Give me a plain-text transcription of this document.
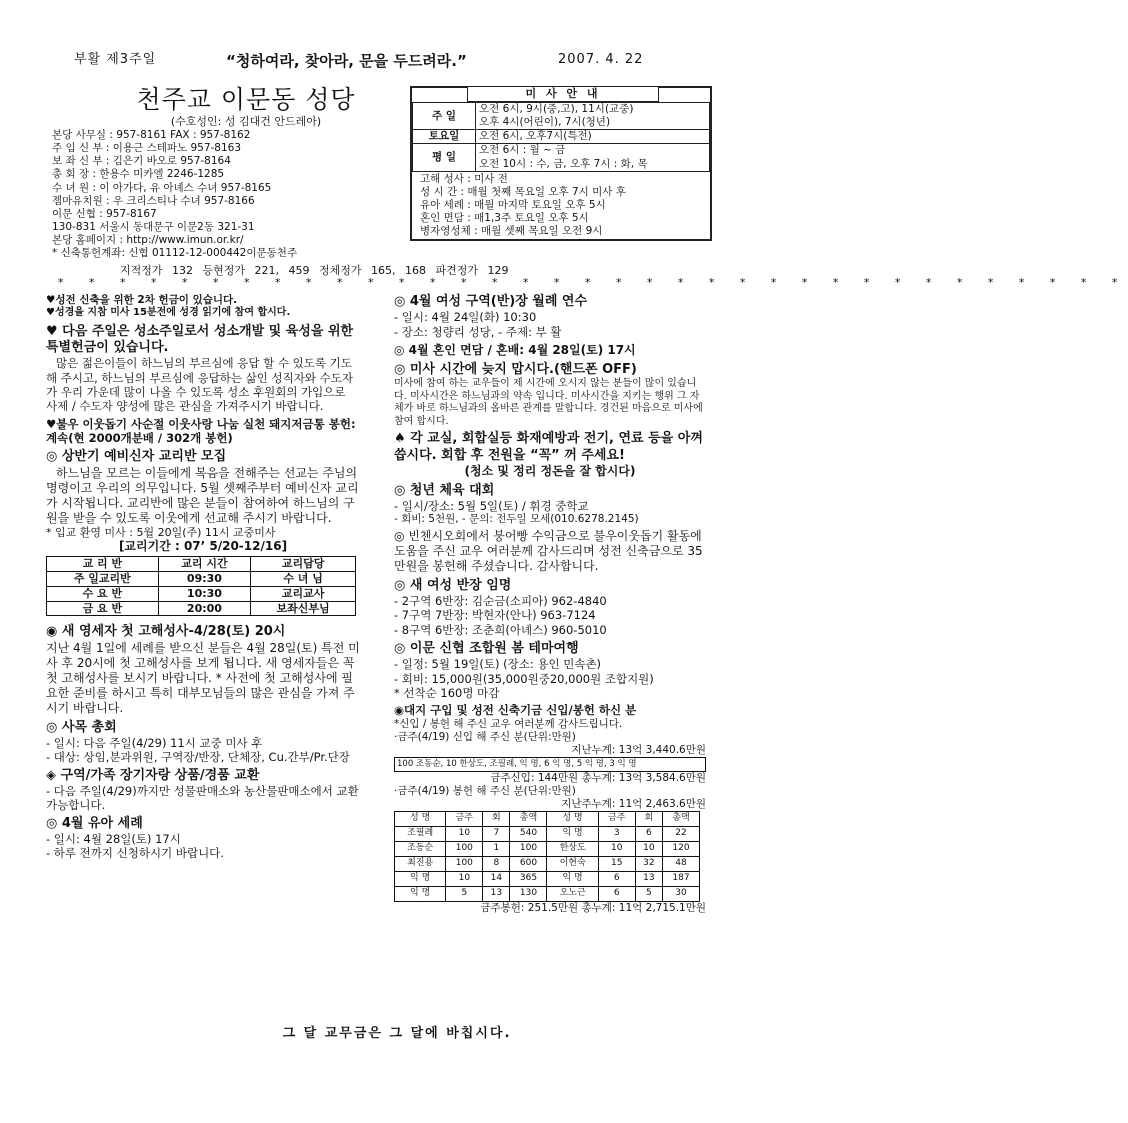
부활 제3주일	“청하여라, 찾아라, 문을 두드려라.”	2007. 4. 22
천주교 이문동 성당
(수호성인: 성 김대건 안드레아)
본당 사무실 : 957-8161 FAX : 957-8162
주 임 신 부 : 이용근 스테파노 957-8163
보 좌 신 부 : 김은기 바오로 957-8164
총 회 장 : 한용수 미카엘 2246-1285
수 녀 원 : 이 아가다, 유 아녜스 수녀 957-8165
젬마유치원 : 우 크리스티나 수녀 957-8166
이문 신협 : 957-8167
130-831 서울시 동대문구 이문2동 321-31
본당 홈페이지 : http://www.imun.or.kr/
* 신축통헌계좌: 신협 01112-12-000442이문동천주
미 사 안 내
주 일	오전 6시, 9시(중,고), 11시(교중)
오후 4시(어린이), 7시(청년)

토요일	오전 6시, 오후7시(특전)
평 일	오전 6시 : 월 ~ 금
오전 10시 : 수, 금, 오후 7시 : 화, 목
고해 성사 : 미사 전
성 시 간 : 매월 첫째 목요일 오후 7시 미사 후
유아 세례 : 매월 마지막 토요일 오후 5시
혼인 면담 : 매1,3주 토요일 오후 5시
병자영성체 : 매월 셋째 목요일 오전 9시
지적정가 132 등현정가 221, 459 정체정가 165, 168 파견정가 129
* * * * * * * * * * * * * * * * * * * * * * * * * * * * * * * * * * *
♥성전 신축을 위한 2차 헌금이 있습니다.
♥성경을 지참 미사 15분전에 성경 읽기에 참여 합시다.
♥ 다음 주일은 성소주일로서 성소개발 및 육성을 위한 특별헌금이 있습니다.
많은 젊은이들이 하느님의 부르심에 응답 할 수 있도록 기도해 주시고, 하느님의 부르심에 응답하는 삶인 성직자와 수도자가 우리 가운데 많이 나올 수 있도록 성소 후원회의 가입으로 사제 / 수도자 양성에 많은 관심을 가져주시기 바랍니다.
♥불우 이웃돕기 사순절 이웃사랑 나눔 실천 돼지저금통 봉헌: 계속(현 2000개분배 / 302개 봉헌)
◎ 상반기 예비신자 교리반 모집
하느님을 모르는 이들에게 복음을 전해주는 선교는 주님의 명령이고 우리의 의무입니다. 5월 셋째주부터 예비신자 교리가 시작됩니다. 교리반에 많은 분들이 참여하여 하느님의 구원을 받을 수 있도록 이웃에게 선교해 주시기 바랍니다.
* 입교 환영 미사 : 5월 20일(주) 11시 교중미사
[교리기간 : 07’ 5/20-12/16]
교 리 반	교리 시간	교리담당
주 일교리반	09:30	수 녀 님
수 요 반	10:30	교리교사
금 요 반	20:00	보좌신부님
◉ 새 영세자 첫 고해성사-4/28(토) 20시
지난 4월 1일에 세례를 받으신 분들은 4월 28일(토) 특전 미사 후 20시에 첫 고해성사를 보게 됩니다. 새 영세자들은 꼭 첫 고해성사를 보시기 바랍니다. * 사전에 첫 고해성사에 필요한 준비를 하시고 특히 대부모님들의 많은 관심을 가져 주시기 바랍니다.
◎ 사목 총회
- 일시: 다음 주일(4/29) 11시 교중 미사 후
- 대상: 상임,분과위원, 구역장/반장, 단체장, Cu.간부/Pr.단장
◈ 구역/가족 장기자랑 상품/경품 교환
- 다음 주일(4/29)까지만 성물판매소와 농산물판매소에서 교환 가능합니다.
◎ 4월 유아 세례
- 일시: 4월 28일(토) 17시
- 하루 전까지 신청하시기 바랍니다.
◎ 4월 여성 구역(반)장 월례 연수
- 일시: 4월 24일(화) 10:30
- 장소: 청량리 성당, - 주제: 부 활
◎ 4월 혼인 면담 / 혼배: 4월 28일(토) 17시
◎ 미사 시간에 늦지 맙시다.(핸드폰 OFF)
미사에 참여 하는 교우들이 제 시간에 오시지 않는 분들이 많이 있습니다. 미사시간은 하느님과의 약속 입니다. 미사시간을 지키는 행위 그 자체가 바로 하느님과의 올바른 관계를 말합니다. 경건된 마음으로 미사에 참여 합시다.
♠ 각 교실, 회합실등 화재예방과 전기, 연료 등을 아껴 씁시다. 회합 후 전원을 “꼭” 꺼 주세요!
(청소 및 정리 정돈을 잘 합시다)
◎ 청년 체육 대회
- 일시/장소: 5월 5일(토) / 휘경 중학교
- 회비: 5천원, - 문의: 전두일 모세(010.6278.2145)
◎ 빈첸시오회에서 붕어빵 수익금으로 불우이웃돕기 활동에 도움을 주신 교우 여러분께 감사드리며 성전 신축금으로 35만원을 봉헌해 주셨습니다. 감사합니다.
◎ 새 여성 반장 임명
- 2구역 6반장: 김순금(소피아) 962-4840
- 7구역 7반장: 박현자(안나) 963-7124
- 8구역 6반장: 조춘희(아녜스) 960-5010
◎ 이문 신협 조합원 봄 테마여행
- 일정: 5월 19일(토) (장소: 용인 민속촌)
- 회비: 15,000원(35,000원중20,000원 조합지원)
* 선착순 160명 마감
◉대지 구입 및 성전 신축기금 신입/봉헌 하신 분
*신입 / 봉헌 해 주신 교우 여러분께 감사드립니다.
·금주(4/19) 신입 해 주신 분(단위:만원)
지난누계: 13억 3,440.6만원
100 조동순, 10 한상도, 조필례, 익 명, 6 익 명, 5 익 명, 3 익 명
금주신입: 144만원 총누계: 13억 3,584.6만원
·금주(4/19) 봉헌 해 주신 분(단위:만원)
지난주누계: 11억 2,463.6만원
성 명	금주	회	총액	성 명	금주	회	총액
조필례	10	7	540	익 명	3	6	22
조동순	100	1	100	한상도	10	10	120
최진용	100	8	600	이현숙	15	32	48
익 명	10	14	365	익 명	6	13	187
익 명	5	13	130	오노근	6	5	30
금주봉헌: 251.5만원 총누계: 11억 2,715.1만원
그 달 교무금은 그 달에 바칩시다.
